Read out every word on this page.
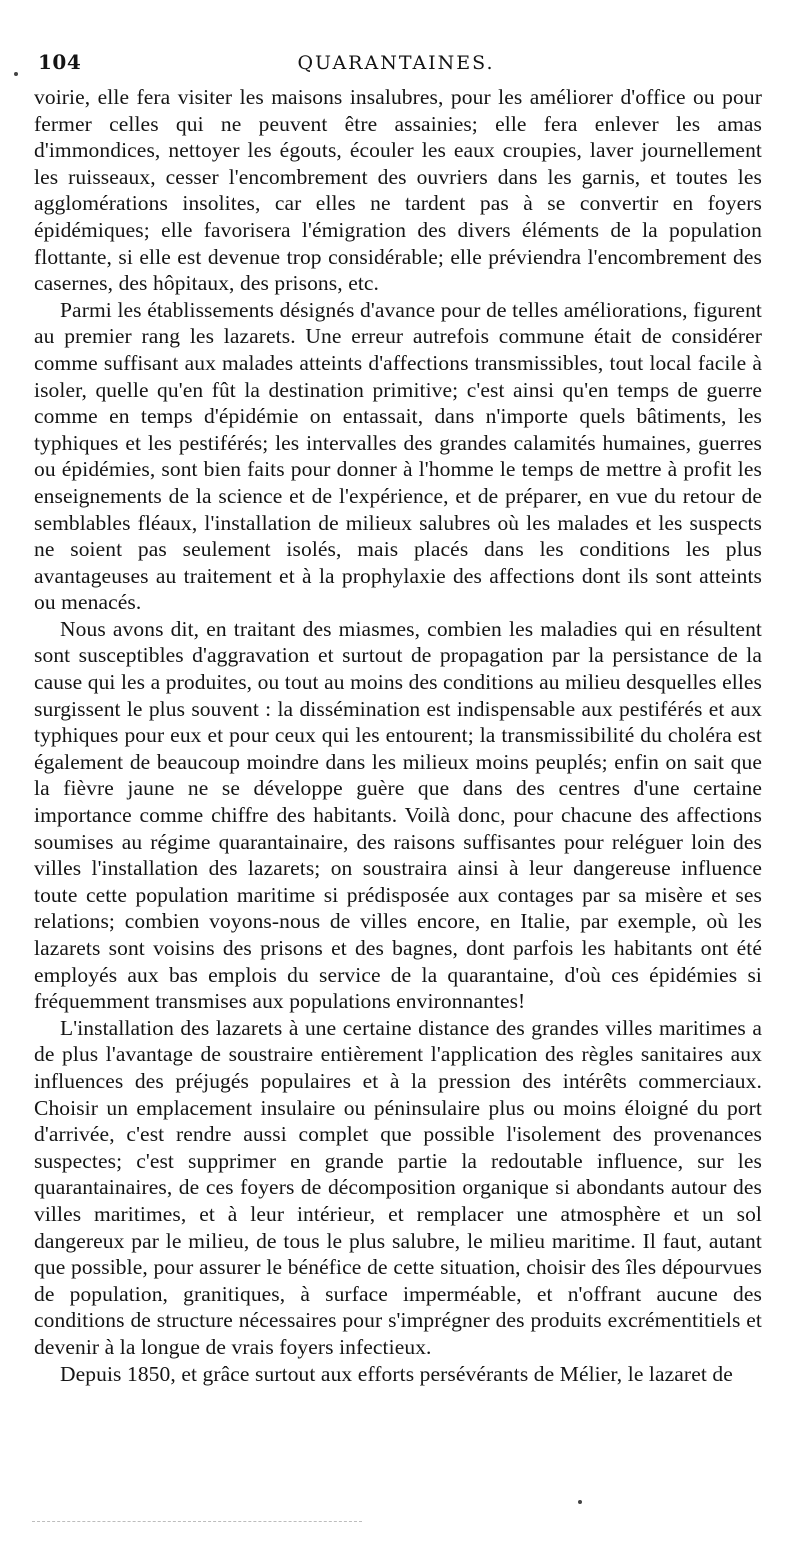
104	QUARANTAINES.

voirie, elle fera visiter les maisons insalubres, pour les améliorer d'office ou pour fermer celles qui ne peuvent être assainies; elle fera enlever les amas d'immondices, nettoyer les égouts, écouler les eaux croupies, laver journellement les ruisseaux, cesser l'encombrement des ouvriers dans les garnis, et toutes les agglomérations insolites, car elles ne tardent pas à se convertir en foyers épidémiques; elle favorisera l'émigration des divers éléments de la population flottante, si elle est devenue trop considérable; elle préviendra l'encombrement des casernes, des hôpitaux, des prisons, etc.

Parmi les établissements désignés d'avance pour de telles améliorations, figurent au premier rang les lazarets. Une erreur autrefois commune était de considérer comme suffisant aux malades atteints d'affections transmissibles, tout local facile à isoler, quelle qu'en fût la destination primitive; c'est ainsi qu'en temps de guerre comme en temps d'épidémie on entassait, dans n'importe quels bâtiments, les typhiques et les pestiférés; les intervalles des grandes calamités humaines, guerres ou épidémies, sont bien faits pour donner à l'homme le temps de mettre à profit les enseignements de la science et de l'expérience, et de préparer, en vue du retour de semblables fléaux, l'installation de milieux salubres où les malades et les suspects ne soient pas seulement isolés, mais placés dans les conditions les plus avantageuses au traitement et à la prophylaxie des affections dont ils sont atteints ou menacés.

Nous avons dit, en traitant des miasmes, combien les maladies qui en résultent sont susceptibles d'aggravation et surtout de propagation par la persistance de la cause qui les a produites, ou tout au moins des conditions au milieu desquelles elles surgissent le plus souvent : la dissémination est indispensable aux pestiférés et aux typhiques pour eux et pour ceux qui les entourent; la transmissibilité du choléra est également de beaucoup moindre dans les milieux moins peuplés; enfin on sait que la fièvre jaune ne se développe guère que dans des centres d'une certaine importance comme chiffre des habitants. Voilà donc, pour chacune des affections soumises au régime quarantainaire, des raisons suffisantes pour reléguer loin des villes l'installation des lazarets; on soustraira ainsi à leur dangereuse influence toute cette population maritime si prédisposée aux contages par sa misère et ses relations; combien voyons-nous de villes encore, en Italie, par exemple, où les lazarets sont voisins des prisons et des bagnes, dont parfois les habitants ont été employés aux bas emplois du service de la quarantaine, d'où ces épidémies si fréquemment transmises aux populations environnantes!

L'installation des lazarets à une certaine distance des grandes villes maritimes a de plus l'avantage de soustraire entièrement l'application des règles sanitaires aux influences des préjugés populaires et à la pression des intérêts commerciaux. Choisir un emplacement insulaire ou péninsulaire plus ou moins éloigné du port d'arrivée, c'est rendre aussi complet que possible l'isolement des provenances suspectes; c'est supprimer en grande partie la redoutable influence, sur les quarantainaires, de ces foyers de décomposition organique si abondants autour des villes maritimes, et à leur intérieur, et remplacer une atmosphère et un sol dangereux par le milieu, de tous le plus salubre, le milieu maritime. Il faut, autant que possible, pour assurer le bénéfice de cette situation, choisir des îles dépourvues de population, granitiques, à surface imperméable, et n'offrant aucune des conditions de structure nécessaires pour s'imprégner des produits excrémentitiels et devenir à la longue de vrais foyers infectieux.

Depuis 1850, et grâce surtout aux efforts persévérants de Mélier, le lazaret de
